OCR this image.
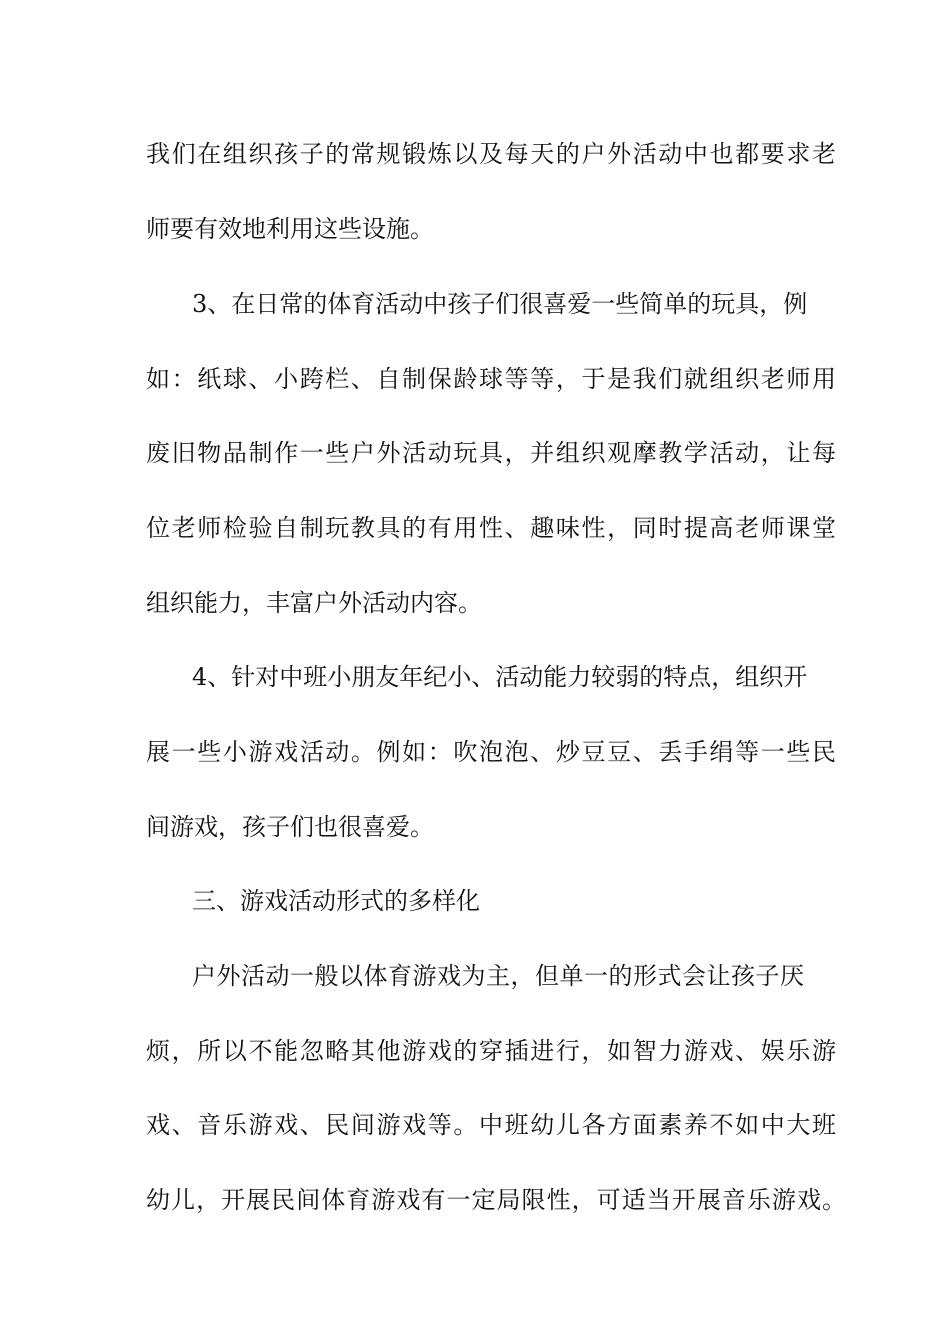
我们在组织孩子的常规锻炼以及每天的户外活动中也都要求老
师要有效地利用这些设施。
3、在日常的体育活动中孩子们很喜爱一些简单的玩具，例
如：纸球、小跨栏、自制保龄球等等，于是我们就组织老师用
废旧物品制作一些户外活动玩具，并组织观摩教学活动，让每
位老师检验自制玩教具的有用性、趣味性，同时提高老师课堂
组织能力，丰富户外活动内容。
4、针对中班小朋友年纪小、活动能力较弱的特点，组织开
展一些小游戏活动。例如：吹泡泡、炒豆豆、丢手绢等一些民
间游戏，孩子们也很喜爱。
三、游戏活动形式的多样化
户外活动一般以体育游戏为主，但单一的形式会让孩子厌
烦，所以不能忽略其他游戏的穿插进行，如智力游戏、娱乐游
戏、音乐游戏、民间游戏等。中班幼儿各方面素养不如中大班
幼儿，开展民间体育游戏有一定局限性，可适当开展音乐游戏。
